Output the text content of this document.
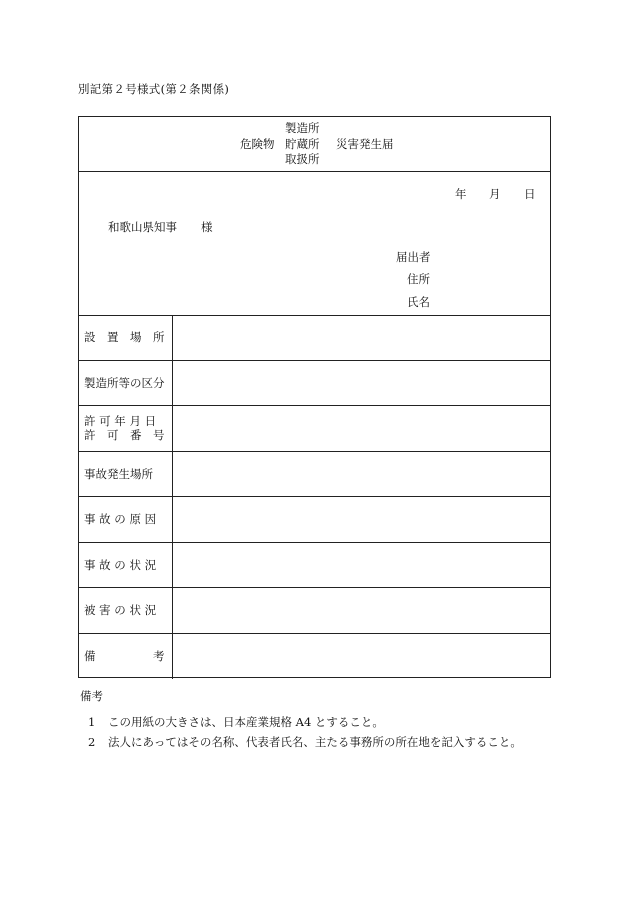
別記第２号様式(第２条関係)
危険物
製造所
貯蔵所
取扱所
災害発生届
年 月 日
和歌山県知事 様
届出者
住所
氏名
設　置　場　所
製造所等の区分
許 可 年 月 日
許　可　番　号
事故発生場所
事 故 の 原 因
事 故 の 状 況
被 害 の 状 況
備　　　　　考
備考
1 この用紙の大きさは、日本産業規格 A4 とすること。
2 法人にあってはその名称、代表者氏名、主たる事務所の所在地を記入すること。
